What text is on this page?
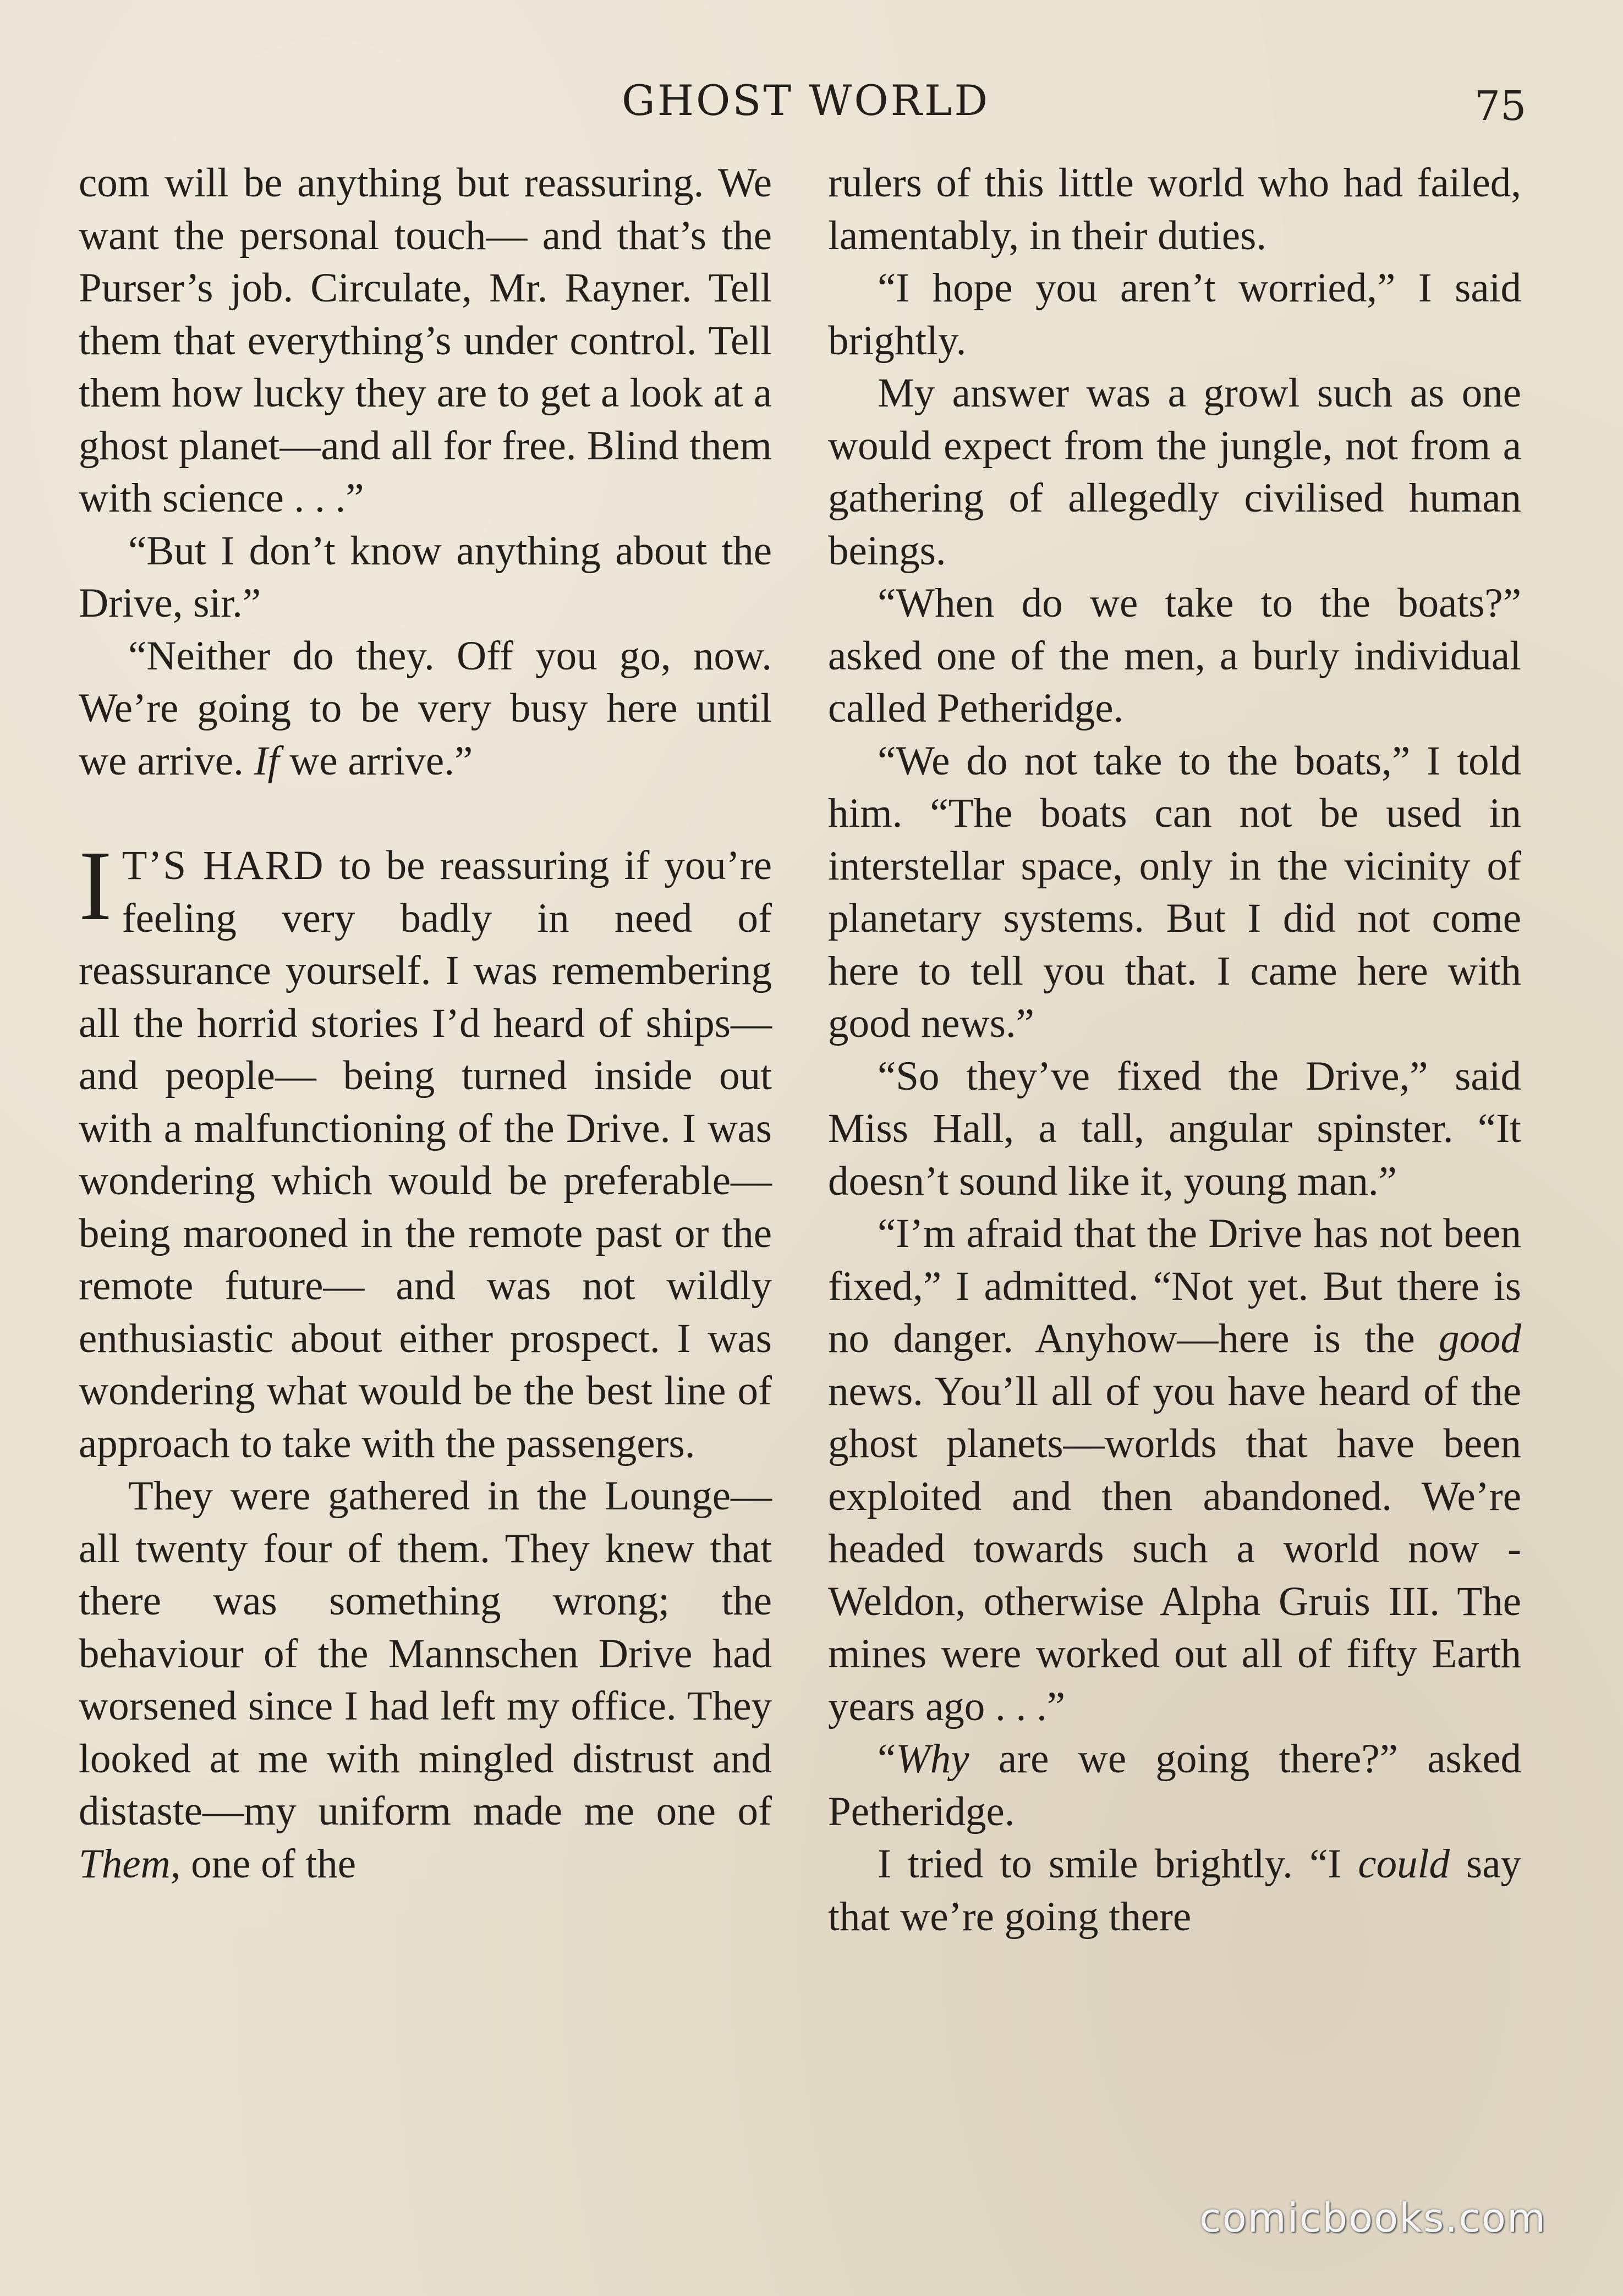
GHOST WORLD	75

com will be anything but reassuring. We want the personal touch— and that’s the Purser’s job. Circulate, Mr. Rayner. Tell them that everything’s under control. Tell them how lucky they are to get a look at a ghost planet—and all for free. Blind them with science . . .”

“But I don’t know anything about the Drive, sir.”

“Neither do they. Off you go, now. We’re going to be very busy here until we arrive. If we arrive.”

I T’S HARD to be reassuring if you’re feeling very badly in need of reassurance yourself. I was remembering all the horrid stories I’d heard of ships—and people— being turned inside out with a malfunctioning of the Drive. I was wondering which would be preferable—being marooned in the remote past or the remote future— and was not wildly enthusiastic about either prospect. I was wondering what would be the best line of approach to take with the passengers.

They were gathered in the Lounge—all twenty four of them. They knew that there was something wrong; the behaviour of the Mannschen Drive had worsened since I had left my office. They looked at me with mingled distrust and distaste—my uniform made me one of Them, one of the

rulers of this little world who had failed, lamentably, in their duties.

“I hope you aren’t worried,” I said brightly.

My answer was a growl such as one would expect from the jungle, not from a gathering of allegedly civilised human beings.

“When do we take to the boats?” asked one of the men, a burly individual called Petheridge.

“We do not take to the boats,” I told him. “The boats can not be used in interstellar space, only in the vicinity of planetary systems. But I did not come here to tell you that. I came here with good news.”

“So they’ve fixed the Drive,” said Miss Hall, a tall, angular spinster. “It doesn’t sound like it, young man.”

“I’m afraid that the Drive has not been fixed,” I admitted. “Not yet. But there is no danger. Anyhow—here is the good news. You’ll all of you have heard of the ghost planets—worlds that have been exploited and then abandoned. We’re headed towards such a world now - Weldon, otherwise Alpha Gruis III. The mines were worked out all of fifty Earth years ago . . .”

“Why are we going there?” asked Petheridge.

I tried to smile brightly. “I could say that we’re going there

comicbooks.com
